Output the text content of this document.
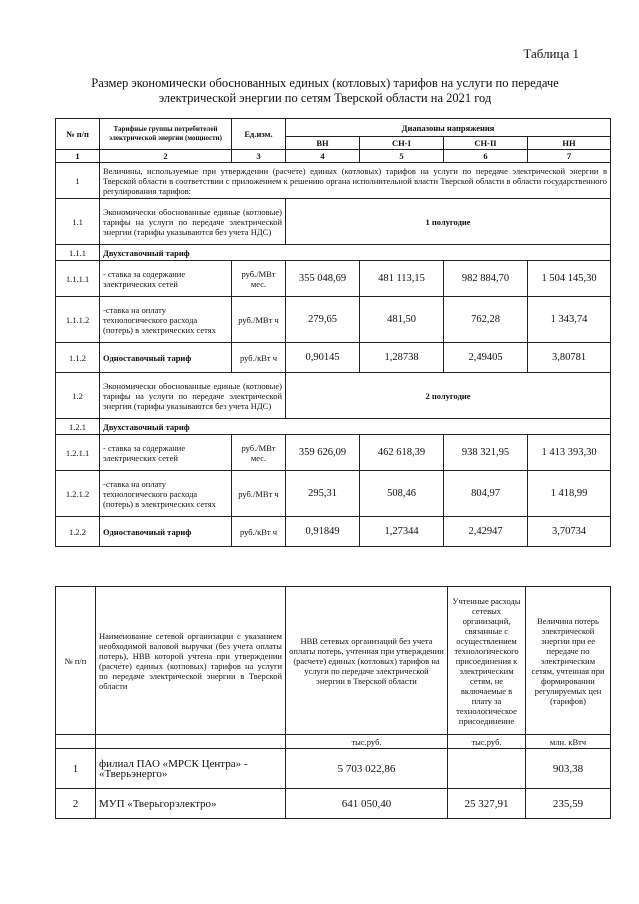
Таблица 1
Размер экономически обоснованных единых (котловых) тарифов на услуги по передаче
электрической энергии по сетям Тверской области на 2021 год
№ п/п	Тарифные группы потребителей электрической энергии (мощности)	Ед.изм.	Диапазоны напряжения			
			ВН	СН-I	СН-II	НН
1	2	3	4	5	6	7
1	Величины, используемые при утверждении (расчете) единых (котловых) тарифов на услуги по передаче электрической энергии в Тверской области в соответствии с приложением к решению органа исполнительной власти Тверской области в области государственного регулирования тарифов:					
1.1	Экономически обоснованные единые (котловые) тарифы на услуги по передаче электрической энергии (тарифы указываются без учета НДС)		1 полугодие			
1.1.1	Двухставочный тариф					
1.1.1.1	- ставка за содержание электрических сетей	руб./МВт мес.	355 048,69	481 113,15	982 884,70	1 504 145,30
1.1.1.2	-ставка на оплату технологического расхода (потерь) в электрических сетях	руб./МВт ч	279,65	481,50	762,28	1 343,74
1.1.2	Одноставочный тариф	руб./кВт ч	0,90145	1,28738	2,49405	3,80781
1.2	Экономически обоснованные единые (котловые) тарифы на услуги по передаче электрической энергии (тарифы указываются без учета НДС)		2 полугодие			
1.2.1	Двухставочный тариф					
1.2.1.1	- ставка за содержание электрических сетей	руб./МВт мес.	359 626,09	462 618,39	938 321,95	1 413 393,30
1.2.1.2	-ставка на оплату технологического расхода (потерь) в электрических сетях	руб./МВт ч	295,31	508,46	804,97	1 418,99
1.2.2	Одноставочный тариф	руб./кВт ч	0,91849	1,27344	2,42947	3,70734
№ п/п	Наименование сетевой организации с указанием необходимой валовой выручки (без учета оплаты потерь), НВВ которой учтена при утверждении (расчете) единых (котловых) тарифов на услуги по передаче электрической энергии в Тверской области	НВВ сетевых организаций без учета оплаты потерь, учтенная при утверждении (расчете) единых (котловых) тарифов на услуги по передаче электрической энергии в Тверской области	Учтенные расходы сетевых организаций, связанные с осуществлением технологического присоединения к электрическим сетям, не включаемые в плату за технологическое присоединение	Величина потерь электрической энергии при ее передаче по электрическим сетям, учтенная при формировании регулируемых цен (тарифов)
		тыс.руб.	тыс.руб.	млн. кВтч
1	филиал ПАО «МРСК Центра» - «Тверьэнерго»	5 703 022,86		903,38
2	МУП «Тверьгорэлектро»	641 050,40	25 327,91	235,59
